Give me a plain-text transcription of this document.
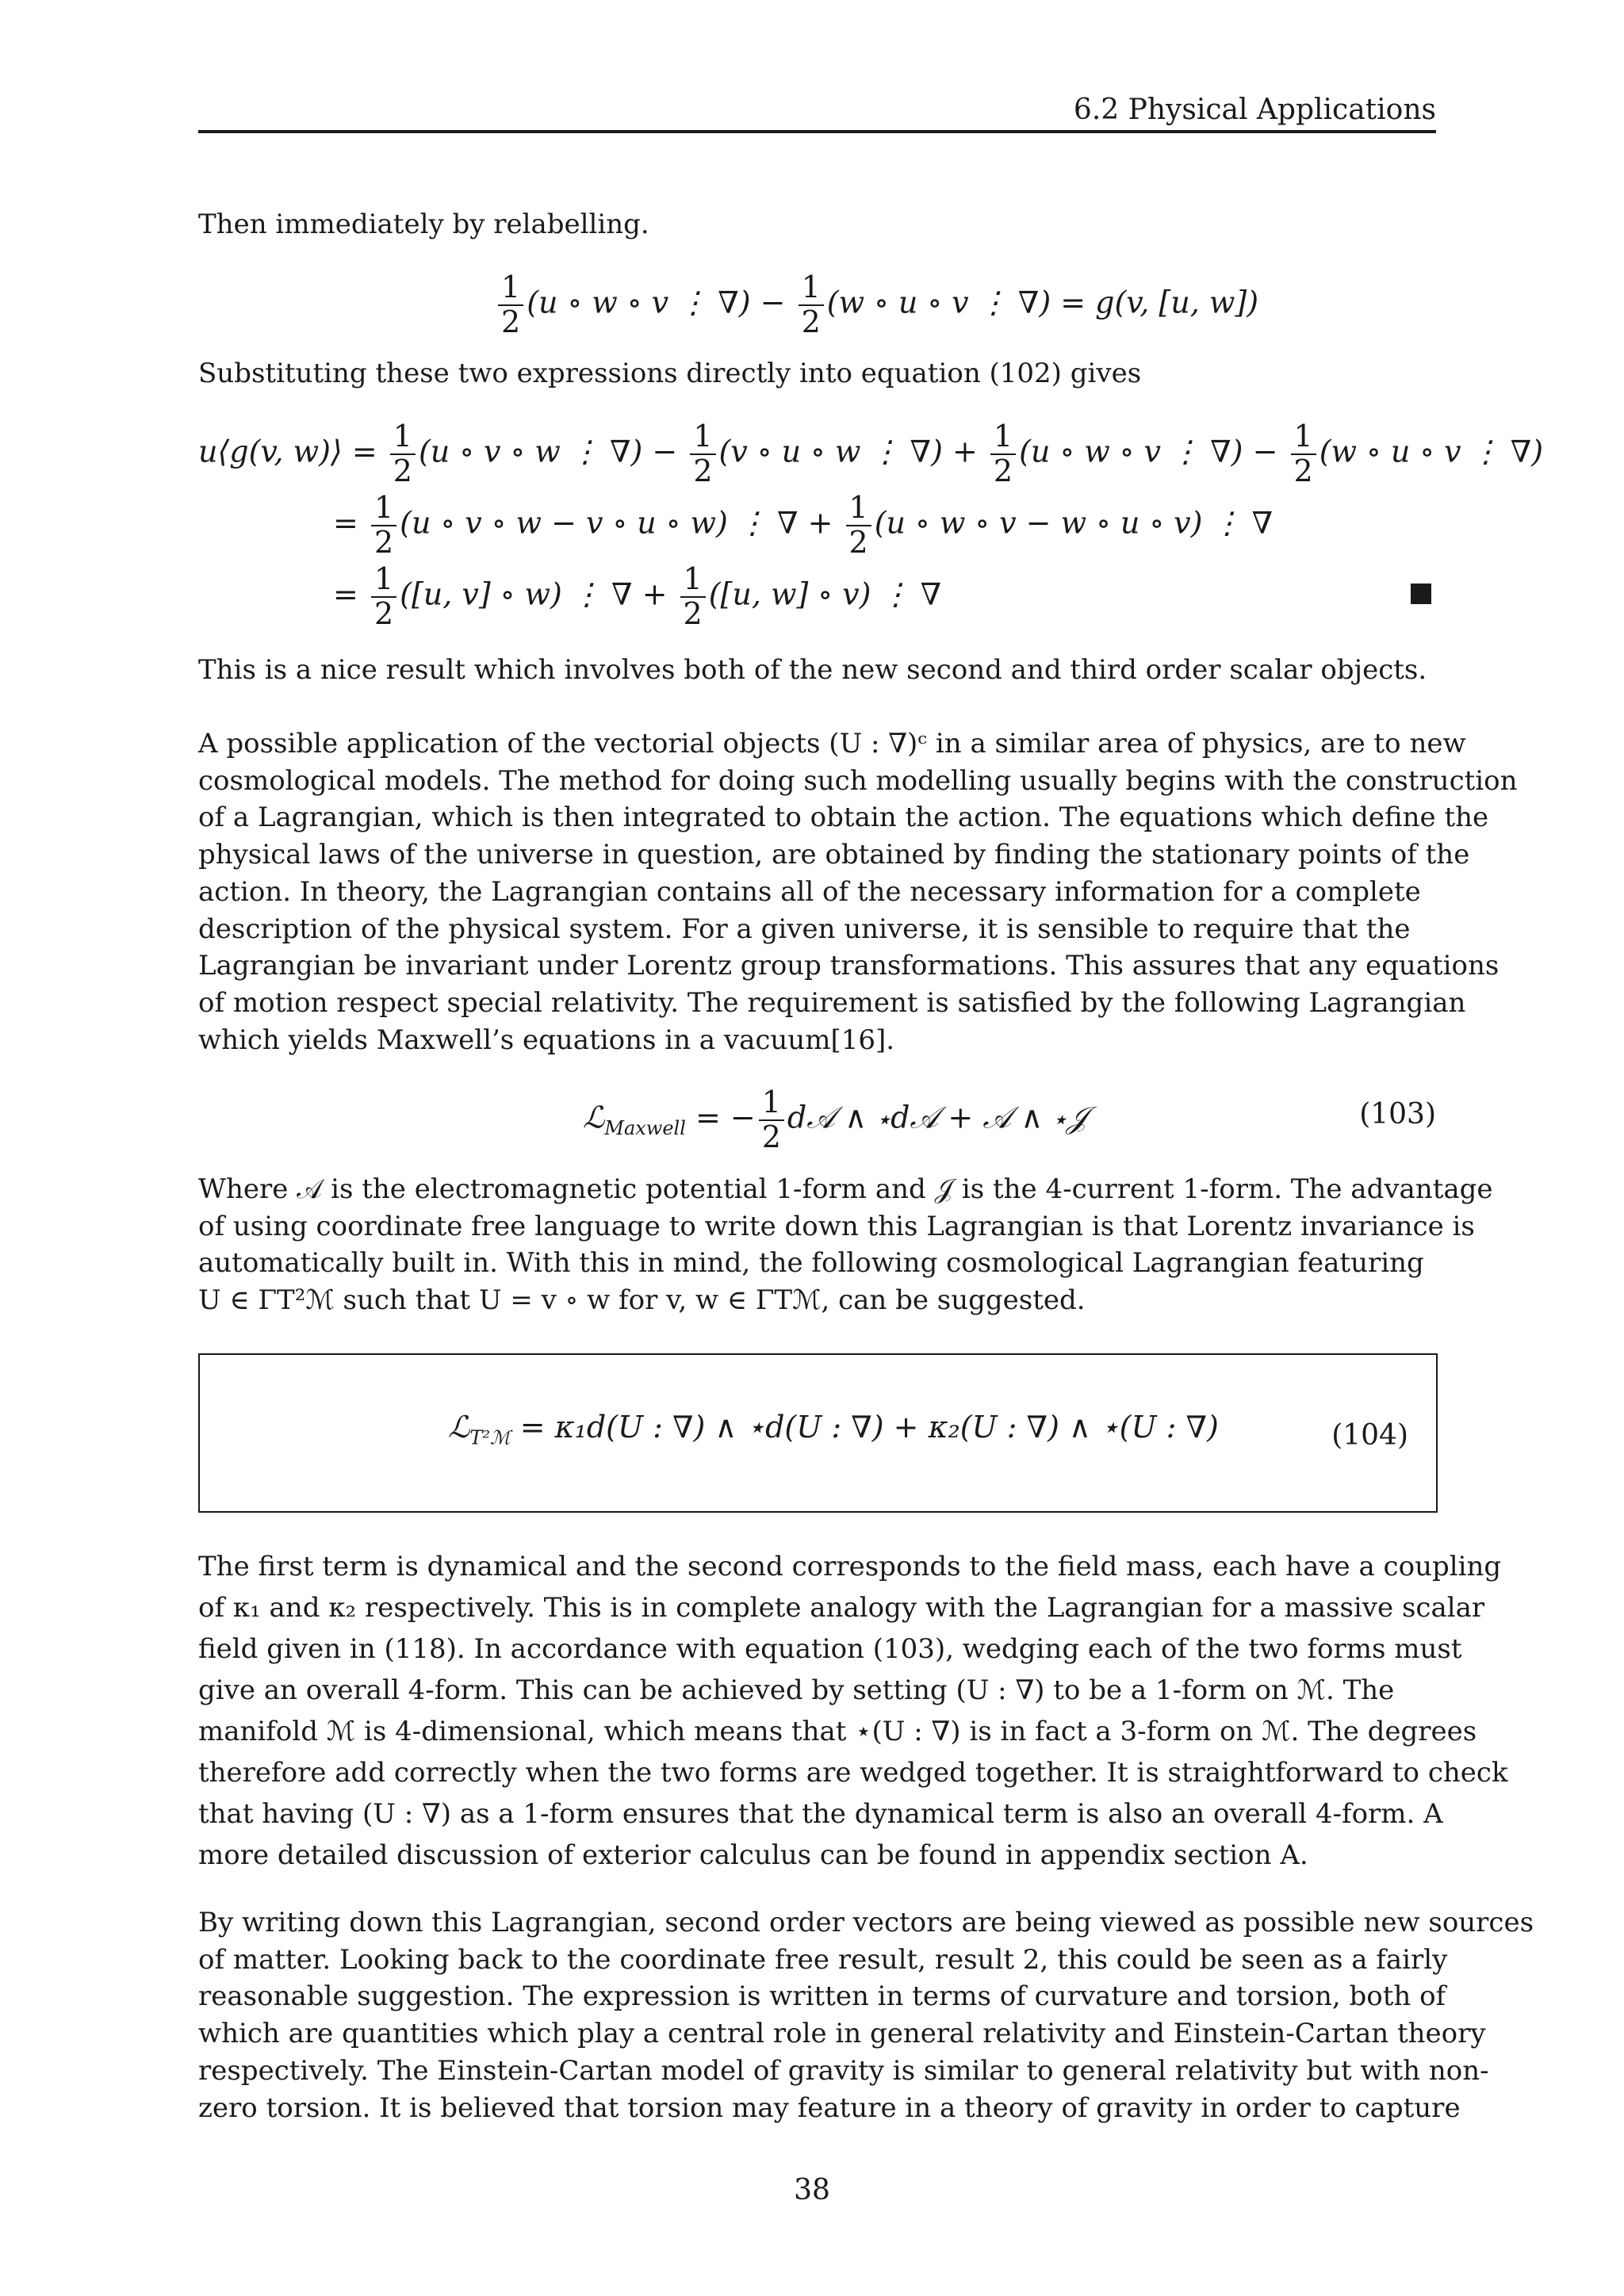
6.2 Physical Applications
Then immediately by relabelling.
$\frac{1}{2} (u$ ∘ w ∘ v ⋮ ∇) − $\frac{1}{2} (w$ ∘ u ∘ v ⋮ ∇) = g(v, [u, w])
Substituting these two expressions directly into equation (102) gives
u⟨g(v, w)⟩ = $\frac{1}{2} (u$ ∘ v ∘ w ⋮ ∇) − $\frac{1}{2} (v$ ∘ u ∘ w ⋮ ∇) + $\frac{1}{2} (u$ ∘ w ∘ v ⋮ ∇) − $\frac{1}{2} (w$ ∘ u ∘ v ⋮ ∇)
= $\frac{1}{2} (u$ ∘ v ∘ w − v ∘ u ∘ w) ⋮ ∇ + $\frac{1}{2} (u$ ∘ w ∘ v − w ∘ u ∘ v) ⋮ ∇
= $\frac{1}{2} ([u$, v] ∘ w) ⋮ ∇ + $\frac{1}{2} ([u$, w] ∘ v) ⋮ ∇
This is a nice result which involves both of the new second and third order scalar objects.
A possible application of the vectorial objects (U : ∇)ᶜ in a similar area of physics, are to new
cosmological models. The method for doing such modelling usually begins with the construction
of a Lagrangian, which is then integrated to obtain the action. The equations which define the
physical laws of the universe in question, are obtained by finding the stationary points of the
action. In theory, the Lagrangian contains all of the necessary information for a complete
description of the physical system. For a given universe, it is sensible to require that the
Lagrangian be invariant under Lorentz group transformations. This assures that any equations
of motion respect special relativity. The requirement is satisfied by the following Lagrangian
which yields Maxwell’s equations in a vacuum[16].
ℒ$_{Maxwell}$ = − $\frac{1}{2}$ d𝒜 ∧ ⋆d𝒜 + 𝒜 ∧ ⋆𝒥	(103)
Where 𝒜 is the electromagnetic potential 1-form and 𝒥 is the 4-current 1-form. The advantage
of using coordinate free language to write down this Lagrangian is that Lorentz invariance is
automatically built in. With this in mind, the following cosmological Lagrangian featuring
U ∈ ΓT²ℳ such that U = v ∘ w for v, w ∈ ΓTℳ, can be suggested.
ℒ$_{T^2ℳ}$ = κ₁d(U : ∇) ∧ ⋆d(U : ∇) + κ₂(U : ∇) ∧ ⋆(U : ∇)	(104)
The first term is dynamical and the second corresponds to the field mass, each have a coupling
of κ₁ and κ₂ respectively. This is in complete analogy with the Lagrangian for a massive scalar
field given in (118). In accordance with equation (103), wedging each of the two forms must
give an overall 4-form. This can be achieved by setting (U : ∇) to be a 1-form on ℳ. The
manifold ℳ is 4-dimensional, which means that ⋆(U : ∇) is in fact a 3-form on ℳ. The degrees
therefore add correctly when the two forms are wedged together. It is straightforward to check
that having (U : ∇) as a 1-form ensures that the dynamical term is also an overall 4-form. A
more detailed discussion of exterior calculus can be found in appendix section A.
By writing down this Lagrangian, second order vectors are being viewed as possible new sources
of matter. Looking back to the coordinate free result, result 2, this could be seen as a fairly
reasonable suggestion. The expression is written in terms of curvature and torsion, both of
which are quantities which play a central role in general relativity and Einstein-Cartan theory
respectively. The Einstein-Cartan model of gravity is similar to general relativity but with non-
zero torsion. It is believed that torsion may feature in a theory of gravity in order to capture
38
